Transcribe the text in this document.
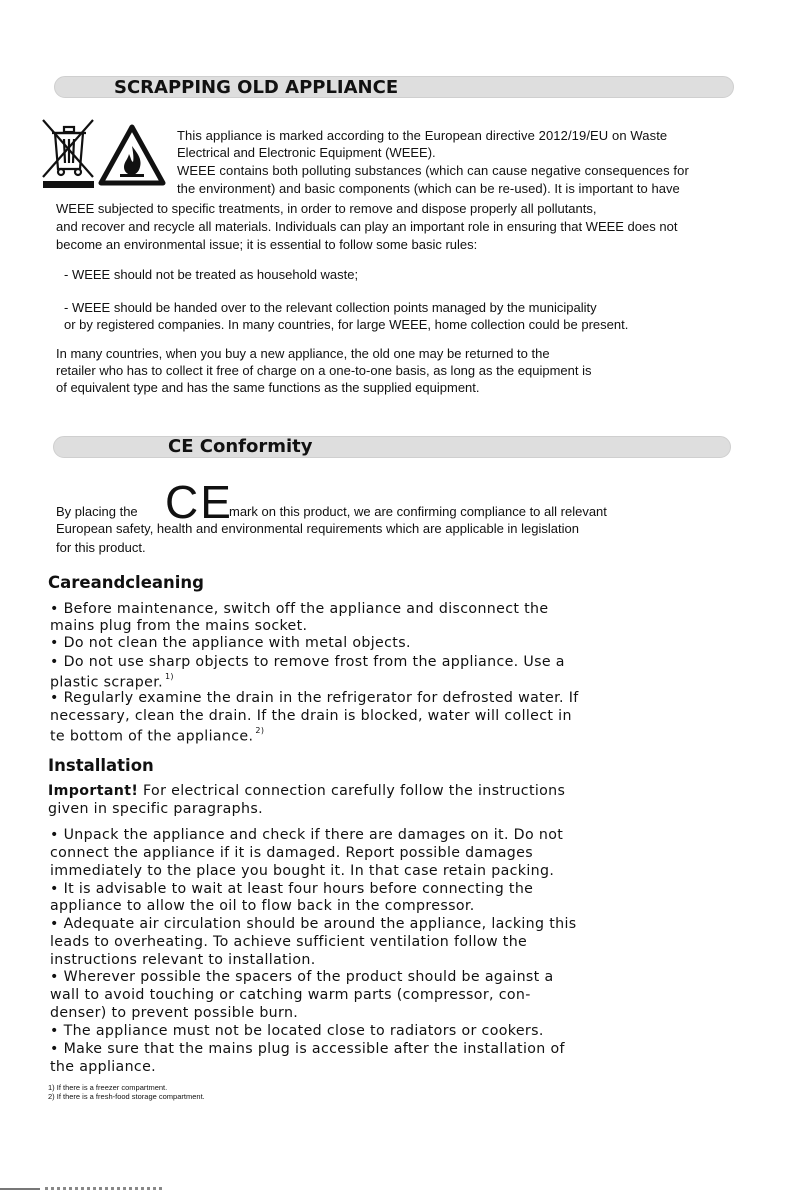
SCRAPPING OLD APPLIANCE
This appliance is marked according to the European directive 2012/19/EU on Waste
Electrical and Electronic Equipment (WEEE).
WEEE contains both polluting substances (which can cause negative consequences for
the environment) and basic components (which can be re-used). It is important to have
WEEE subjected to specific treatments, in order to remove and dispose properly all pollutants,
and recover and recycle all materials. Individuals can play an important role in ensuring that WEEE does not
become an environmental issue; it is essential to follow some basic rules:
- WEEE should not be treated as household waste;
- WEEE should be handed over to the relevant collection points managed by the municipality
or by registered companies. In many countries, for large WEEE, home collection could be present.
In many countries, when you buy a new appliance, the old one may be returned to the
retailer who has to collect it free of charge on a one-to-one basis, as long as the equipment is
of equivalent type and has the same functions as the supplied equipment.
CE Conformity
By placing the CE
mark on this product, we are confirming compliance to all relevant
European safety, health and environmental requirements which are applicable in legislation
for this product.
Careandcleaning
• Before maintenance, switch off the appliance and disconnect the
mains plug from the mains socket.
• Do not clean the appliance with metal objects.
• Do not use sharp objects to remove frost from the appliance. Use a
plastic scraper. $^{1)}$
• Regularly examine the drain in the refrigerator for defrosted water. If
necessary, clean the drain. If the drain is blocked, water will collect in
te bottom of the appliance. $^{2)}$
Installation
Important! For electrical connection carefully follow the instructions
given in specific paragraphs.
• Unpack the appliance and check if there are damages on it. Do not
connect the appliance if it is damaged. Report possible damages
immediately to the place you bought it. In that case retain packing.
• It is advisable to wait at least four hours before connecting the
appliance to allow the oil to flow back in the compressor.
• Adequate air circulation should be around the appliance, lacking this
leads to overheating. To achieve sufficient ventilation follow the
instructions relevant to installation.
• Wherever possible the spacers of the product should be against a
wall to avoid touching or catching warm parts (compressor, con-
denser) to prevent possible burn.
• The appliance must not be located close to radiators or cookers.
• Make sure that the mains plug is accessible after the installation of
the appliance.
1) If there is a freezer compartment.
2) If there is a fresh-food storage compartment.
